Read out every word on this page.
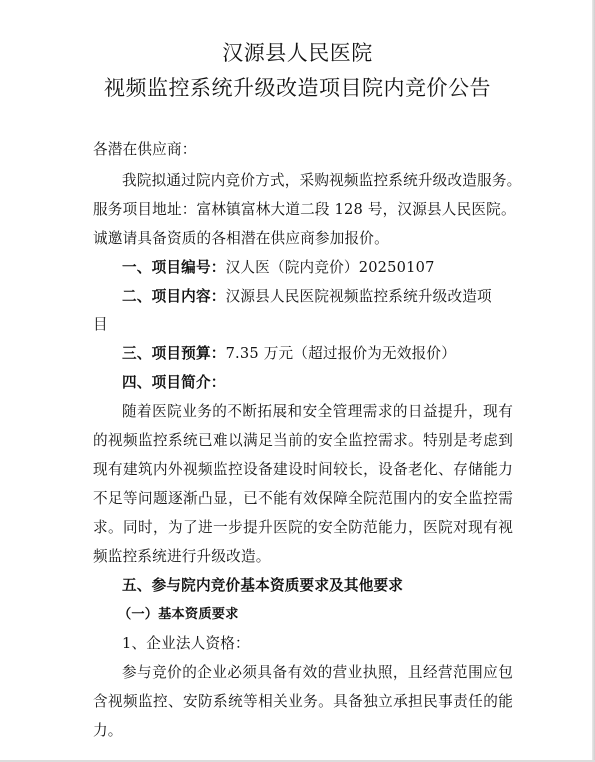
汉源县人民医院
视频监控系统升级改造项目院内竞价公告
各潜在供应商：
我院拟通过院内竞价方式，采购视频监控系统升级改造服务。
服务项目地址：富林镇富林大道二段 128 号，汉源县人民医院。
诚邀请具备资质的各相潜在供应商参加报价。
一、项目编号：汉人医（院内竞价）20250107
二、项目内容：汉源县人民医院视频监控系统升级改造项
目
三、项目预算：7.35 万元（超过报价为无效报价）
四、项目简介：
随着医院业务的不断拓展和安全管理需求的日益提升，现有
的视频监控系统已难以满足当前的安全监控需求。特别是考虑到
现有建筑内外视频监控设备建设时间较长，设备老化、存储能力
不足等问题逐渐凸显，已不能有效保障全院范围内的安全监控需
求。同时，为了进一步提升医院的安全防范能力，医院对现有视
频监控系统进行升级改造。
五、参与院内竞价基本资质要求及其他要求
（一）基本资质要求
1、企业法人资格：
参与竞价的企业必须具备有效的营业执照，且经营范围应包
含视频监控、安防系统等相关业务。具备独立承担民事责任的能
力。
